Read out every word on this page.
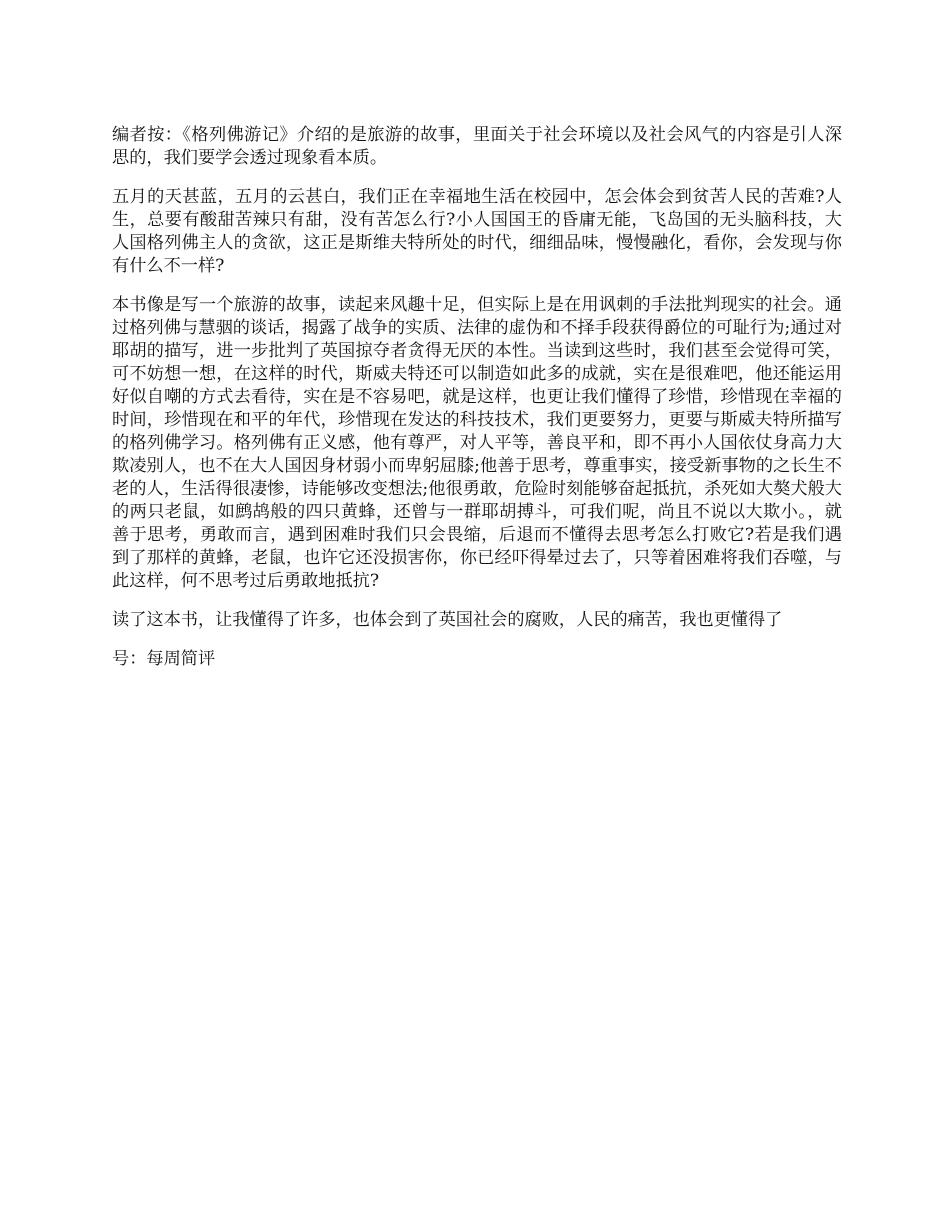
编者按：《格列佛游记》介绍的是旅游的故事，里面关于社会环境以及社会风气的内容是引人深思的，我们要学会透过现象看本质。

五月的天甚蓝，五月的云甚白，我们正在幸福地生活在校园中，怎会体会到贫苦人民的苦难?人生，总要有酸甜苦辣只有甜，没有苦怎么行?小人国国王的昏庸无能，飞岛国的无头脑科技，大人国格列佛主人的贪欲，这正是斯维夫特所处的时代，细细品味，慢慢融化，看你，会发现与你有什么不一样?

本书像是写一个旅游的故事，读起来风趣十足，但实际上是在用讽刺的手法批判现实的社会。通过格列佛与慧骃的谈话，揭露了战争的实质、法律的虚伪和不择手段获得爵位的可耻行为;通过对耶胡的描写，进一步批判了英国掠夺者贪得无厌的本性。当读到这些时，我们甚至会觉得可笑，可不妨想一想，在这样的时代，斯威夫特还可以制造如此多的成就，实在是很难吧，他还能运用好似自嘲的方式去看待，实在是不容易吧，就是这样，也更让我们懂得了珍惜，珍惜现在幸福的时间，珍惜现在和平的年代，珍惜现在发达的科技技术，我们更要努力，更要与斯威夫特所描写的格列佛学习。格列佛有正义感，他有尊严，对人平等，善良平和，即不再小人国依仗身高力大欺凌别人，也不在大人国因身材弱小而卑躬屈膝;他善于思考，尊重事实，接受新事物的之长生不老的人，生活得很凄惨，诗能够改变想法;他很勇敢，危险时刻能够奋起抵抗，杀死如大獒犬般大的两只老鼠，如鹧鸪般的四只黄蜂，还曾与一群耶胡搏斗，可我们呢，尚且不说以大欺小。，就善于思考，勇敢而言，遇到困难时我们只会畏缩，后退而不懂得去思考怎么打败它?若是我们遇到了那样的黄蜂，老鼠，也许它还没损害你，你已经吓得晕过去了，只等着困难将我们吞噬，与此这样，何不思考过后勇敢地抵抗?

读了这本书，让我懂得了许多，也体会到了英国社会的腐败，人民的痛苦，我也更懂得了

号：每周简评
